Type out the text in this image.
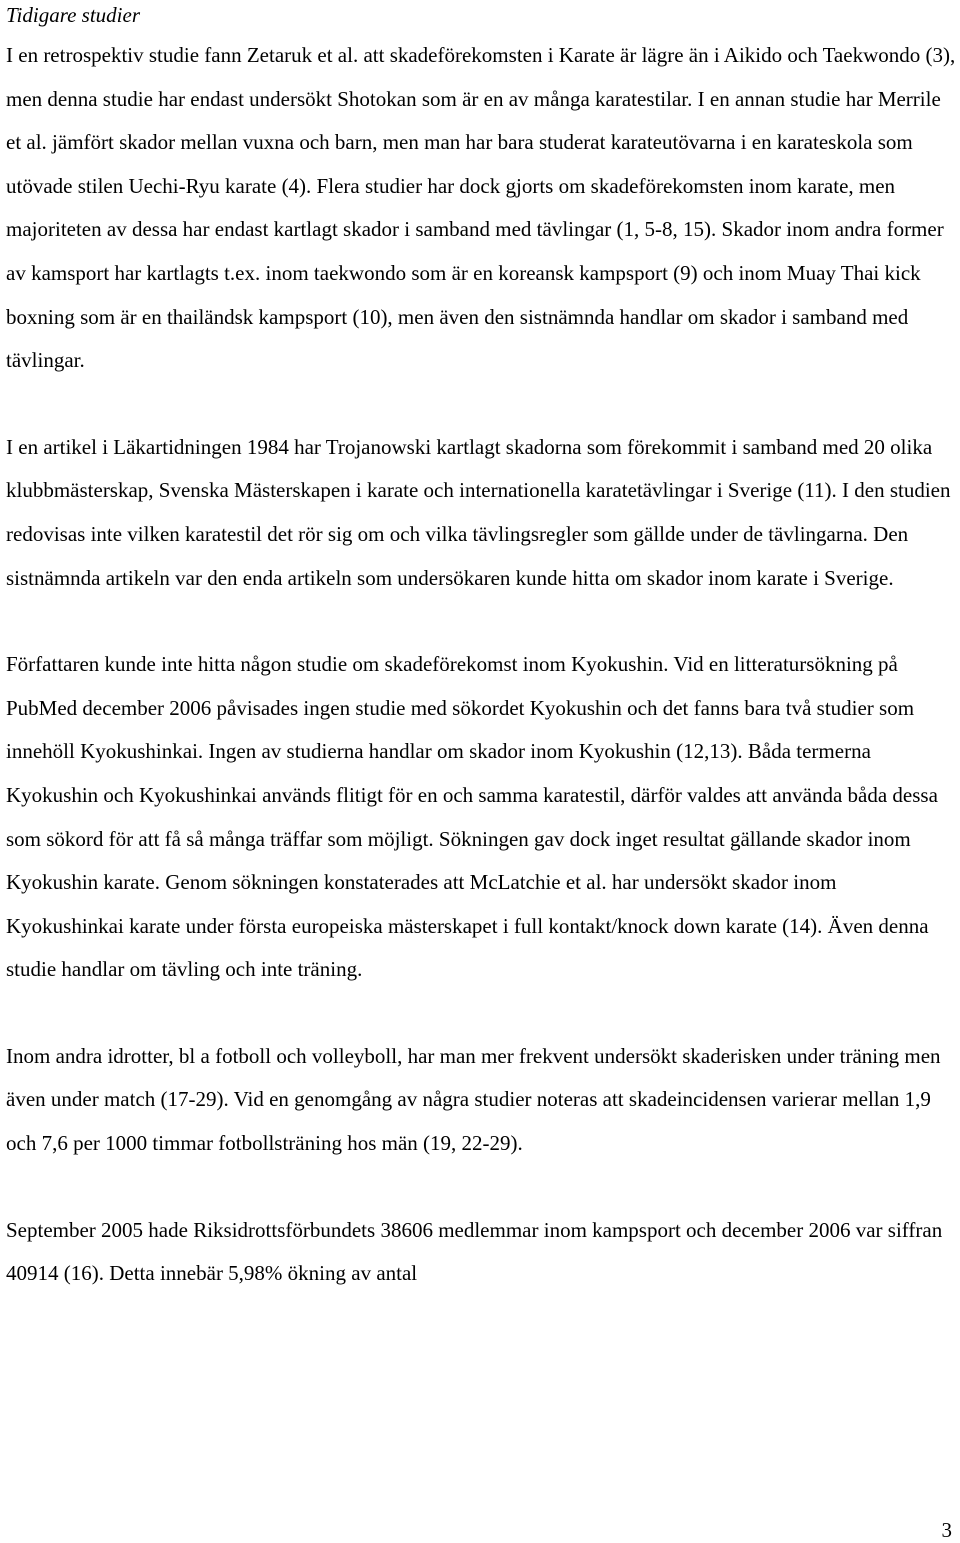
Tidigare studier

I en retrospektiv studie fann Zetaruk et al. att skadeförekomsten i Karate är lägre än i Aikido och Taekwondo (3), men denna studie har endast undersökt Shotokan som är en av många karatestilar. I en annan studie har Merrile et al. jämfört skador mellan vuxna och barn, men man har bara studerat karateutövarna i en karateskola som utövade stilen Uechi-Ryu karate (4). Flera studier har dock gjorts om skadeförekomsten inom karate, men majoriteten av dessa har endast kartlagt skador i samband med tävlingar (1, 5-8, 15). Skador inom andra former av kamsport har kartlagts t.ex. inom taekwondo som är en koreansk kampsport (9) och inom Muay Thai kick boxning som är en thailändsk kampsport (10), men även den sistnämnda handlar om skador i samband med tävlingar.

I en artikel i Läkartidningen 1984 har Trojanowski kartlagt skadorna som förekommit i samband med 20 olika klubbmästerskap, Svenska Mästerskapen i karate och internationella karatetävlingar i Sverige (11). I den studien redovisas inte vilken karatestil det rör sig om och vilka tävlingsregler som gällde under de tävlingarna. Den sistnämnda artikeln var den enda artikeln som undersökaren kunde hitta om skador inom karate i Sverige.

Författaren kunde inte hitta någon studie om skadeförekomst inom Kyokushin. Vid en litteratursökning på PubMed december 2006 påvisades ingen studie med sökordet Kyokushin och det fanns bara två studier som innehöll Kyokushinkai. Ingen av studierna handlar om skador inom Kyokushin (12,13). Båda termerna Kyokushin och Kyokushinkai används flitigt för en och samma karatestil, därför valdes att använda båda dessa som sökord för att få så många träffar som möjligt. Sökningen gav dock inget resultat gällande skador inom Kyokushin karate. Genom sökningen konstaterades att McLatchie et al. har undersökt skador inom Kyokushinkai karate under första europeiska mästerskapet i full kontakt/knock down karate (14). Även denna studie handlar om tävling och inte träning.

Inom andra idrotter, bl a fotboll och volleyboll, har man mer frekvent undersökt skaderisken under träning men även under match (17-29). Vid en genomgång av några studier noteras att skadeincidensen varierar mellan 1,9 och 7,6 per 1000 timmar fotbollsträning hos män (19, 22-29).

September 2005 hade Riksidrottsförbundets 38606 medlemmar inom kampsport och december 2006 var siffran 40914 (16). Detta innebär 5,98% ökning av antal

3
